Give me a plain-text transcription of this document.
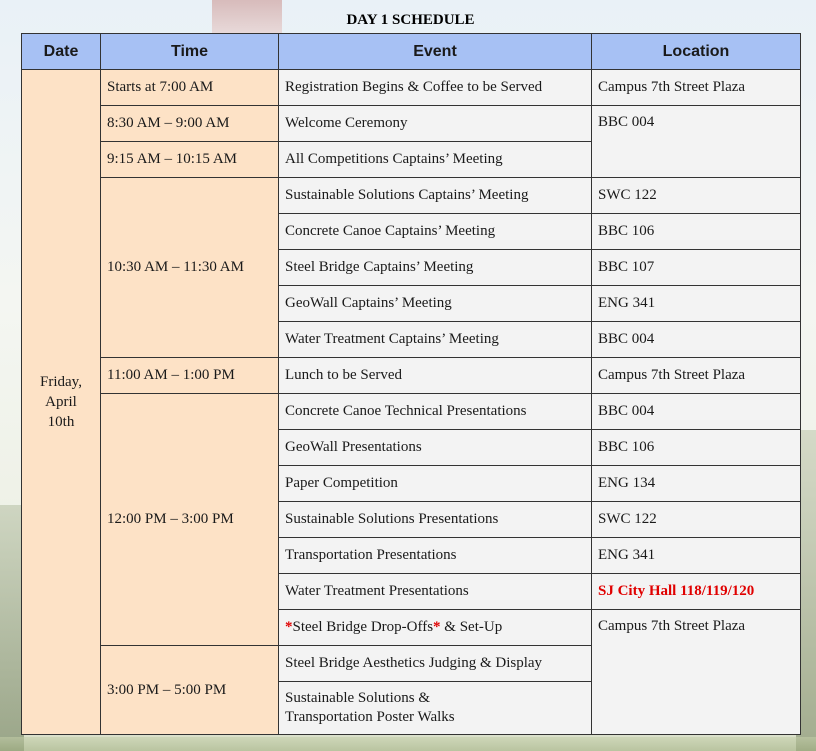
DAY 1 SCHEDULE
Date	Time	Event	Location
Friday,
April
10th	Starts at 7:00 AM	Registration Begins & Coffee to be Served	Campus 7th Street Plaza
	8:30 AM – 9:00 AM	Welcome Ceremony	BBC 004
	9:15 AM – 10:15 AM	All Competitions Captains’ Meeting	
	10:30 AM – 11:30 AM	Sustainable Solutions Captains’ Meeting	SWC 122
		Concrete Canoe Captains’ Meeting	BBC 106
		Steel Bridge Captains’ Meeting	BBC 107
		GeoWall Captains’ Meeting	ENG 341
		Water Treatment Captains’ Meeting	BBC 004
	11:00 AM – 1:00 PM	Lunch to be Served	Campus 7th Street Plaza
	12:00 PM – 3:00 PM	Concrete Canoe Technical Presentations	BBC 004
		GeoWall Presentations	BBC 106
		Paper Competition	ENG 134
		Sustainable Solutions Presentations	SWC 122
		Transportation Presentations	ENG 341
		Water Treatment Presentations	SJ City Hall 118/119/120
		*Steel Bridge Drop-Offs* & Set-Up	Campus 7th Street Plaza
	3:00 PM – 5:00 PM	Steel Bridge Aesthetics Judging & Display	
		Sustainable Solutions &
Transportation Poster Walks	
